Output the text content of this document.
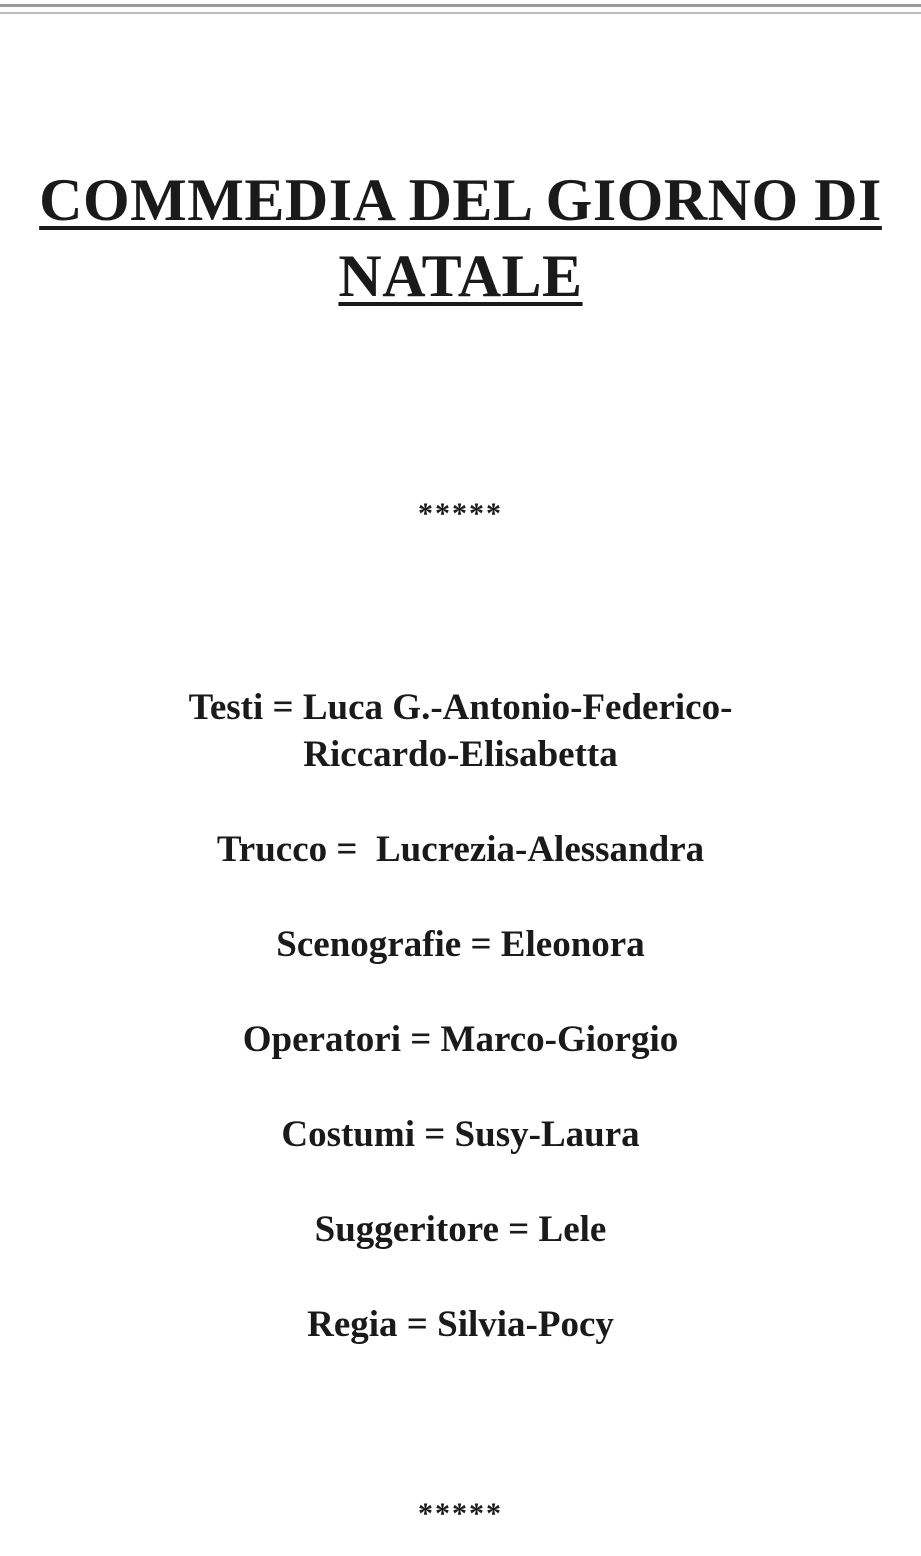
COMMEDIA DEL GIORNO DI
NATALE
*****
Testi = Luca G.-Antonio-Federico-
Riccardo-Elisabetta
Trucco =  Lucrezia-Alessandra
Scenografie = Eleonora
Operatori = Marco-Giorgio
Costumi = Susy-Laura
Suggeritore = Lele
Regia = Silvia-Pocy
*****
